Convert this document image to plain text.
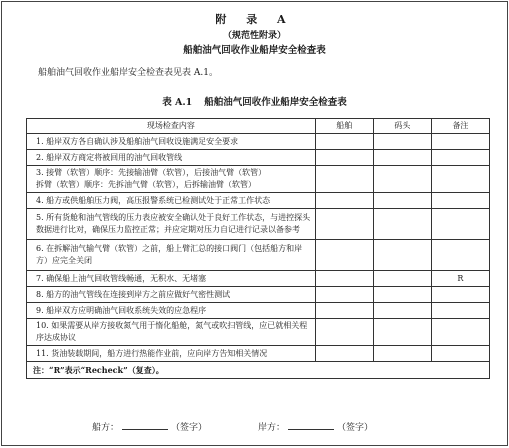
附 录 A
（规范性附录）
船舶油气回收作业船岸安全检查表
船舶油气回收作业船岸安全检查表见表 A.1。
表 A.1 船舶油气回收作业船岸安全检查表
现场检查内容	船舶	码头	备注

1. 船岸双方各自确认涉及船舶油气回收设施满足安全要求			

2. 船岸双方商定将被回用的油气回收管线			

3. 接臂（软管）顺序：先接输油臂（软管），后接油气臂（软管）
拆臂（软管）顺序：先拆油气臂（软管），后拆输油臂（软管）			

4. 船方或供船舶压力阀，高压报警系统已检测试处于正常工作状态			

5. 所有货舱和油气管线的压力表应被安全确认处于良好工作状态，与进控探头数据进行比对，确保压力监控正常；并应定期对压力自记进行记录以备参考			

6. 在拆解油气输气臂（软管）之前，船上臂汇总的接口阀门（包括船方和岸方）应完全关闭			

7. 确保船上油气回收管线畅通，无积水、无堵塞			R

8. 船方的油气管线在连接到岸方之前应做好气密性测试			

9. 船岸双方应明确油气回收系统失效的应急程序			

10. 如果需要从岸方接收氮气用于惰化船舱，氮气或吹扫管线，应已就相关程序达成协议			

11. 货油装载期间，船方进行热能作业前，应向岸方告知相关情况			

注：“R”表示“Recheck”（复查）。			
船方：	（签字）	岸方：	（签字）
